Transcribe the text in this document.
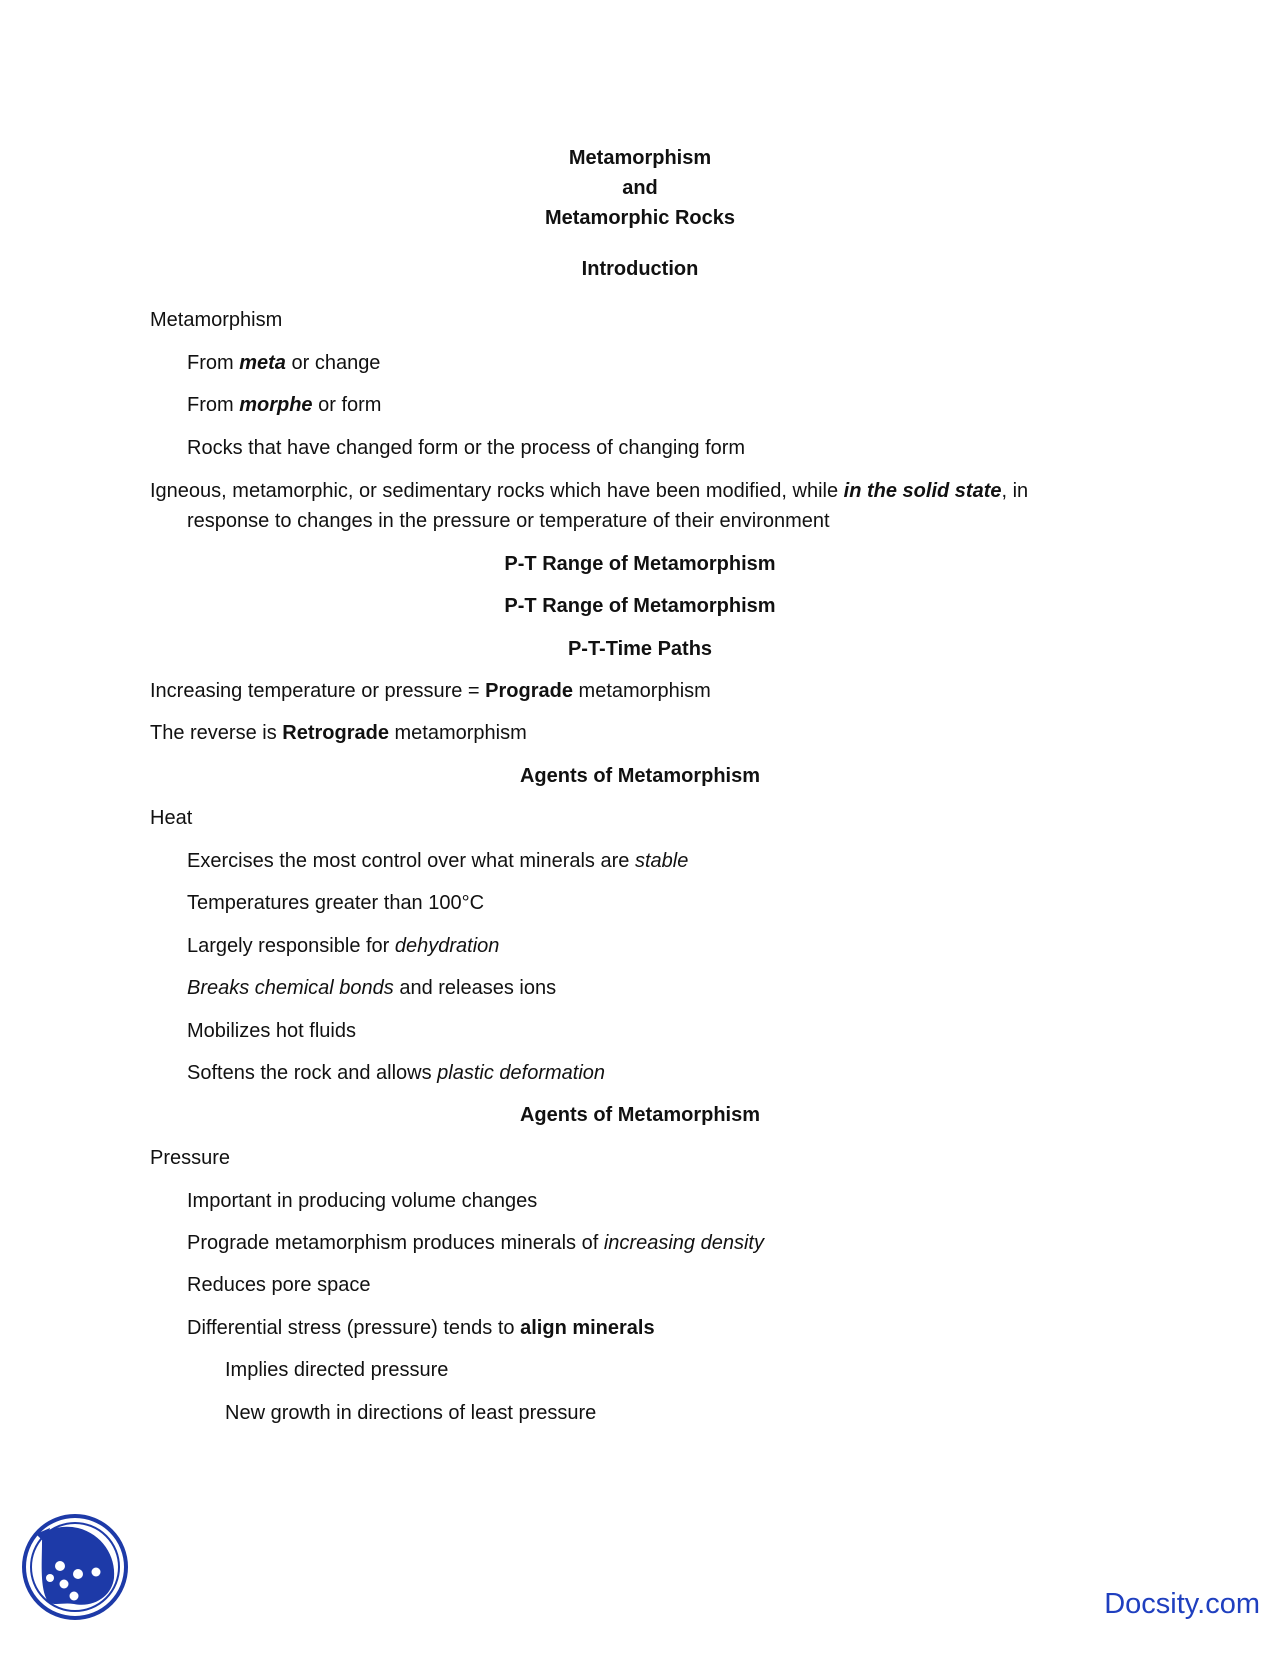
Metamorphism
and
Metamorphic Rocks
Introduction
Metamorphism
From meta or change
From morphe or form
Rocks that have changed form or the process of changing form
Igneous, metamorphic, or sedimentary rocks which have been modified, while in the solid state, in
response to changes in the pressure or temperature of their environment
P-T Range of Metamorphism
P-T Range of Metamorphism
P-T-Time Paths
Increasing temperature or pressure = Prograde metamorphism
The reverse is Retrograde metamorphism
Agents of Metamorphism
Heat
Exercises the most control over what minerals are stable
Temperatures greater than 100°C
Largely responsible for dehydration
Breaks chemical bonds and releases ions
Mobilizes hot fluids
Softens the rock and allows plastic deformation
Agents of Metamorphism
Pressure
Important in producing volume changes
Prograde metamorphism produces minerals of increasing density
Reduces pore space
Differential stress (pressure) tends to align minerals
Implies directed pressure
New growth in directions of least pressure
Docsity.com
